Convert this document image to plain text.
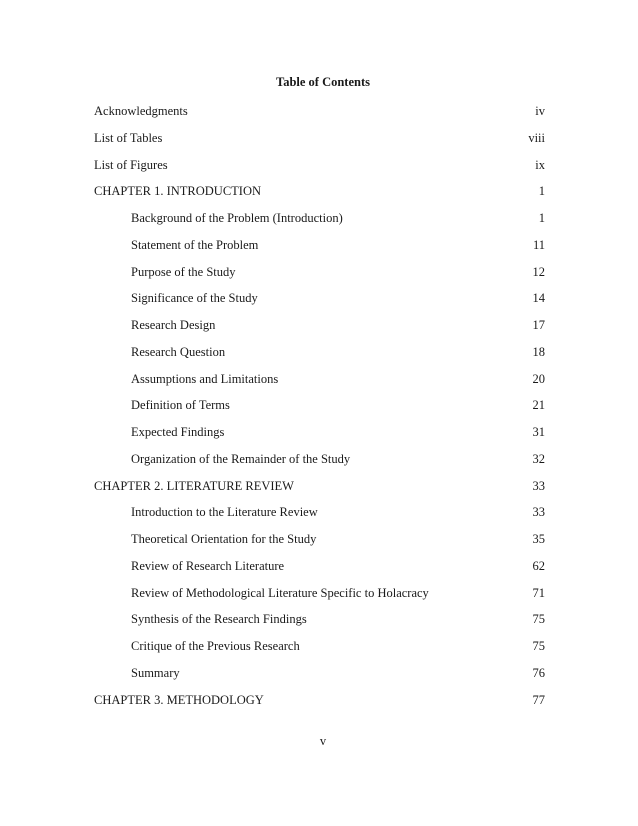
Table of Contents
Acknowledgments	iv
List of Tables	viii
List of Figures	ix
CHAPTER 1. INTRODUCTION	1
Background of the Problem (Introduction)	1
Statement of the Problem	11
Purpose of the Study	12
Significance of the Study	14
Research Design	17
Research Question	18
Assumptions and Limitations	20
Definition of Terms	21
Expected Findings	31
Organization of the Remainder of the Study	32
CHAPTER 2. LITERATURE REVIEW	33
Introduction to the Literature Review	33
Theoretical Orientation for the Study	35
Review of Research Literature	62
Review of Methodological Literature Specific to Holacracy	71
Synthesis of the Research Findings	75
Critique of the Previous Research	75
Summary	76
CHAPTER 3. METHODOLOGY	77
v
